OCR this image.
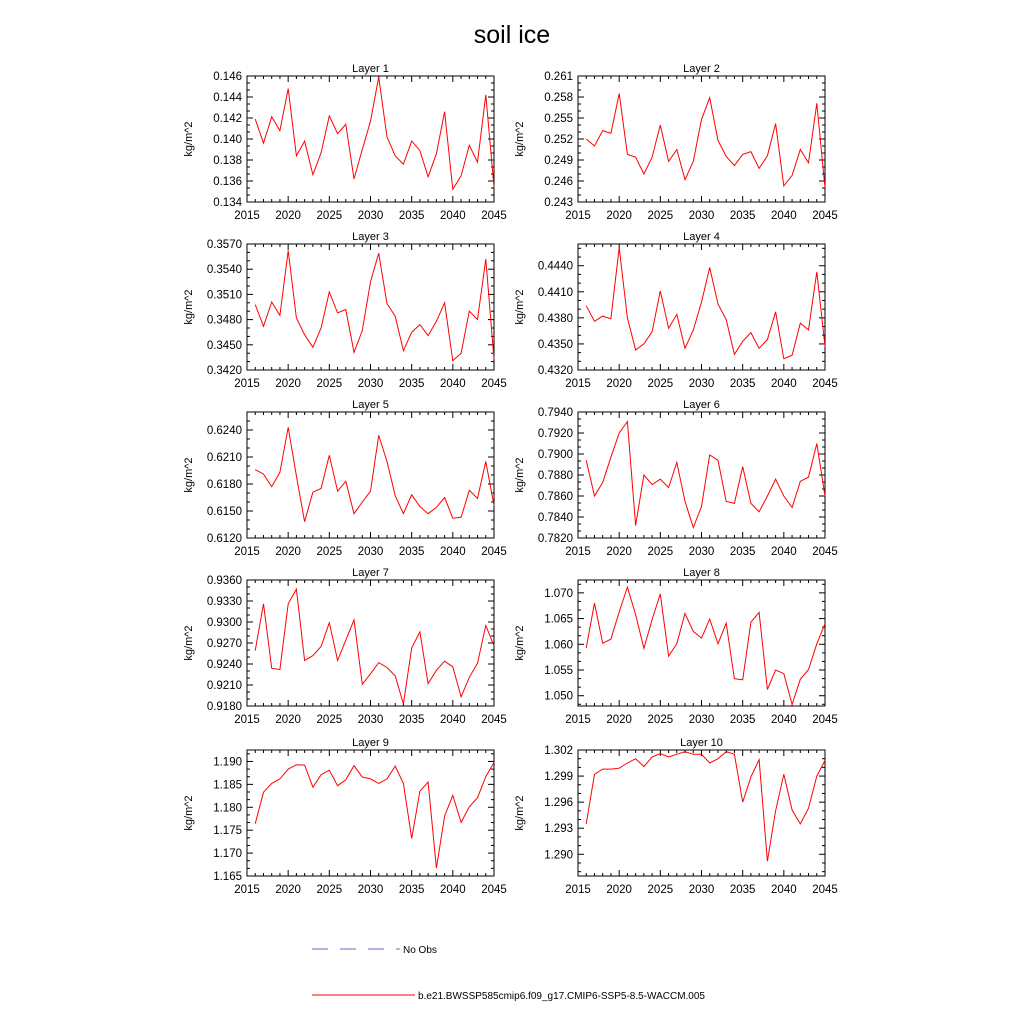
soil ice
Layer 1
kg/m^2
2015 2020 2025 2030 2035 2040 2045
0.134
0.136
0.138
0.140
0.142
0.144
0.146
Layer 2
kg/m^2
2015 2020 2025 2030 2035 2040 2045
0.243
0.246
0.249
0.252
0.255
0.258
0.261
Layer 3
kg/m^2
2015 2020 2025 2030 2035 2040 2045
0.3420
0.3450
0.3480
0.3510
0.3540
0.3570
Layer 4
kg/m^2
2015 2020 2025 2030 2035 2040 2045
0.4320
0.4350
0.4380
0.4410
0.4440
Layer 5
kg/m^2
2015 2020 2025 2030 2035 2040 2045
0.6120
0.6150
0.6180
0.6210
0.6240
Layer 6
kg/m^2
2015 2020 2025 2030 2035 2040 2045
0.7820
0.7840
0.7860
0.7880
0.7900
0.7920
0.7940
Layer 7
kg/m^2
2015 2020 2025 2030 2035 2040 2045
0.9180
0.9210
0.9240
0.9270
0.9300
0.9330
0.9360
Layer 8
kg/m^2
2015 2020 2025 2030 2035 2040 2045
1.050
1.055
1.060
1.065
1.070
Layer 9
kg/m^2
2015 2020 2025 2030 2035 2040 2045
1.165
1.170
1.175
1.180
1.185
1.190
Layer 10
kg/m^2
2015 2020 2025 2030 2035 2040 2045
1.290
1.293
1.296
1.299
1.302
No Obs
b.e21.BWSSP585cmip6.f09_g17.CMIP6-SSP5-8.5-WACCM.005
